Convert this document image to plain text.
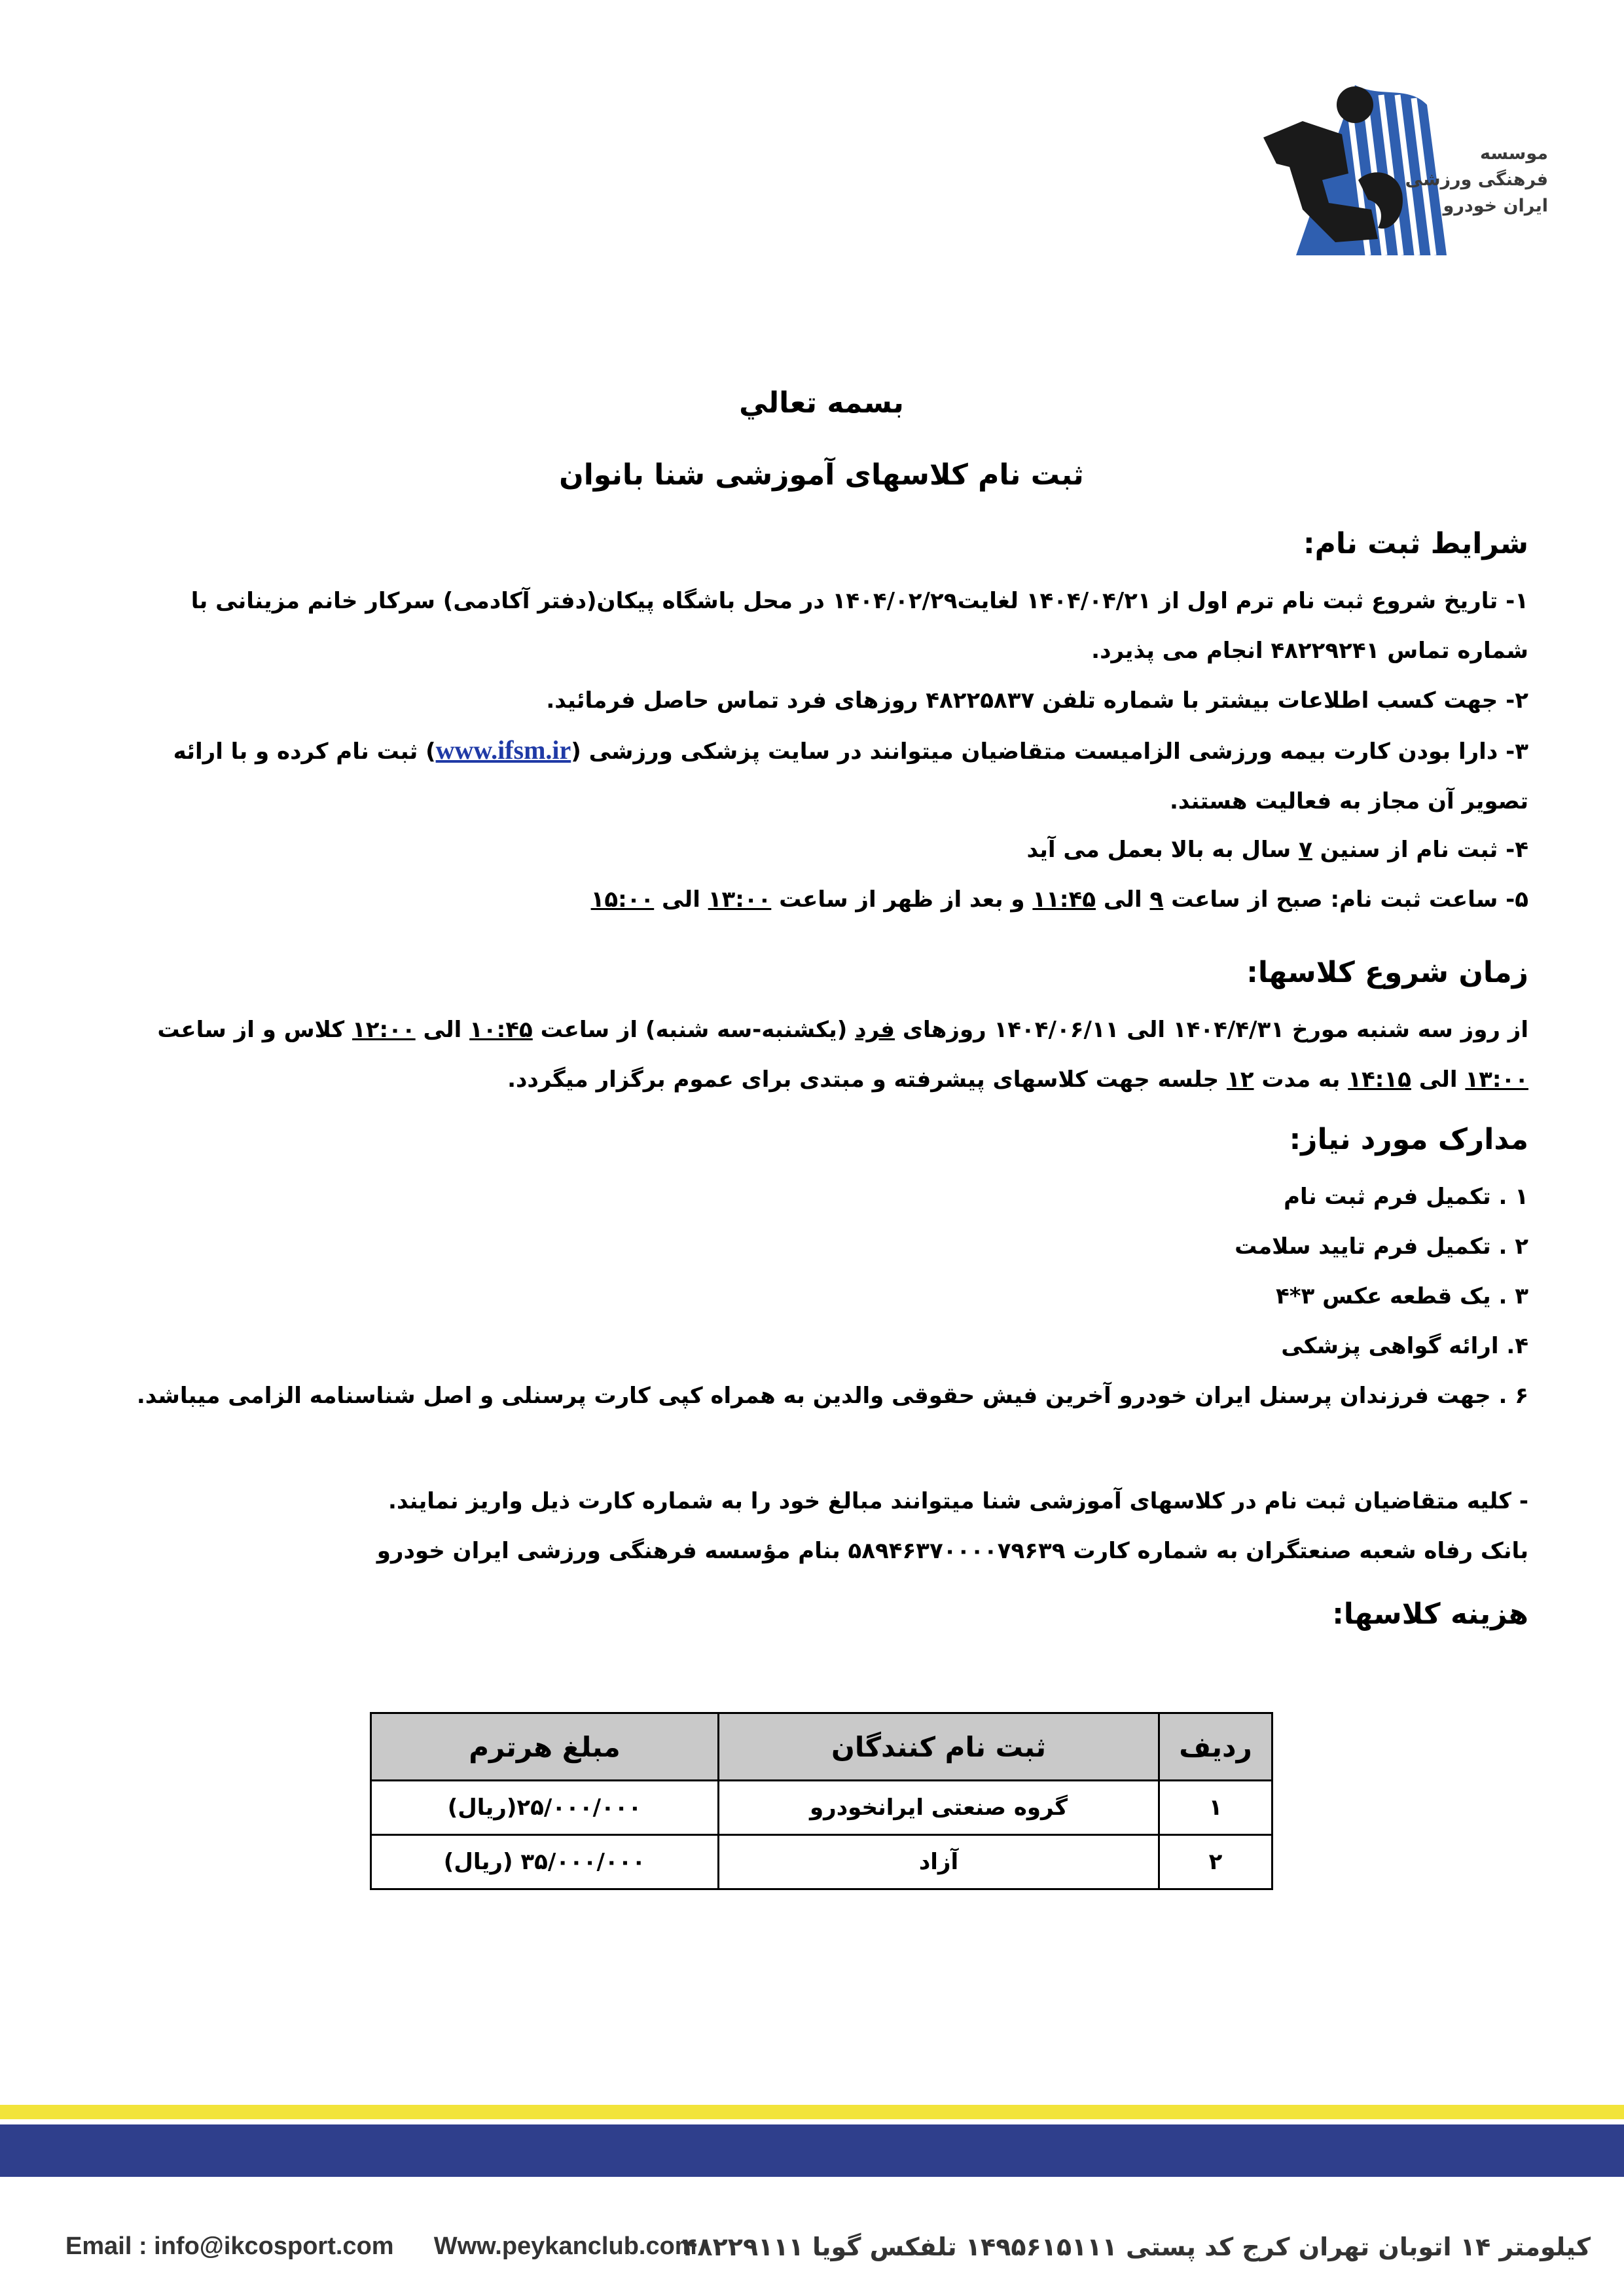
موسسه
فرهنگی ورزشی
ایران خودرو
بسمه تعالي
ثبت نام كلاسهای آموزشی شنا بانوان
شرایط ثبت نام:
۱- تاریخ شروع ثبت نام ترم اول از ۱۴۰۴/۰۴/۲۱ لغایت۱۴۰۴/۰۲/۲۹ در محل باشگاه پیکان(دفتر آکادمی) سرکار خانم مزینانی با
شماره تماس ۴۸۲۲۹۲۴۱ انجام می پذیرد.
۲- جهت کسب اطلاعات بیشتر با شماره تلفن ۴۸۲۲۵۸۳۷ روزهای فرد تماس حاصل فرمائید.
۳- دارا بودن كارت بیمه ورزشی الزامیست متقاضیان میتوانند در سایت پزشکی ورزشی (www.ifsm.ir) ثبت نام کرده و با ارائه
تصویر آن مجاز به فعالیت هستند.
۴- ثبت نام از سنین ۷ سال به بالا بعمل می آید
۵- ساعت ثبت نام: صبح از ساعت ۹ الی ۱۱:۴۵ و بعد از ظهر از ساعت ۱۳:۰۰ الی ۱۵:۰۰
زمان شروع کلاسها:
از روز سه شنبه مورخ ۱۴۰۴/۴/۳۱ الی ۱۴۰۴/۰۶/۱۱ روزهای فرد (یکشنبه-سه شنبه) از ساعت ۱۰:۴۵ الی ۱۲:۰۰ كلاس و از ساعت
۱۳:۰۰ الی ۱۴:۱۵ به مدت ۱۲ جلسه جهت كلاسهای پیشرفته و مبتدی برای عموم برگزار میگردد.
مدارک مورد نیاز:
۱ . تکمیل فرم ثبت نام
۲ . تکمیل فرم تایید سلامت
۳ . یک قطعه عکس ۳*۴
۴. ارائه گواهی پزشکی
۶ . جهت فرزندان پرسنل ایران خودرو آخرین فیش حقوقی والدین به همراه کپی کارت پرسنلی و اصل شناسنامه الزامی میباشد.
- کلیه متقاضیان ثبت نام در کلاسهای آموزشی شنا میتوانند مبالغ خود را به شماره کارت ذیل واریز نمایند.
بانک رفاه شعبه صنعتگران به شماره کارت ۵۸۹۴۶۳۷۰۰۰۰۷۹۶۳۹ بنام مؤسسه فرهنگی ورزشی ایران خودرو
هزینه کلاسها:
ردیف	ثبت نام کنندگان	مبلغ هرترم
۱	گروه صنعتی ایرانخودرو	۲۵/۰۰۰/۰۰۰(ریال)
۲	آزاد	۳۵/۰۰۰/۰۰۰ (ریال)
Email : info@ikcosport.com Www.peykanclub.com
کیلومتر ۱۴ اتوبان تهران کرج کد پستی ۱۴۹۵۶۱۵۱۱۱ تلفکس گویا ۴۸۲۲۹۱۱۱
